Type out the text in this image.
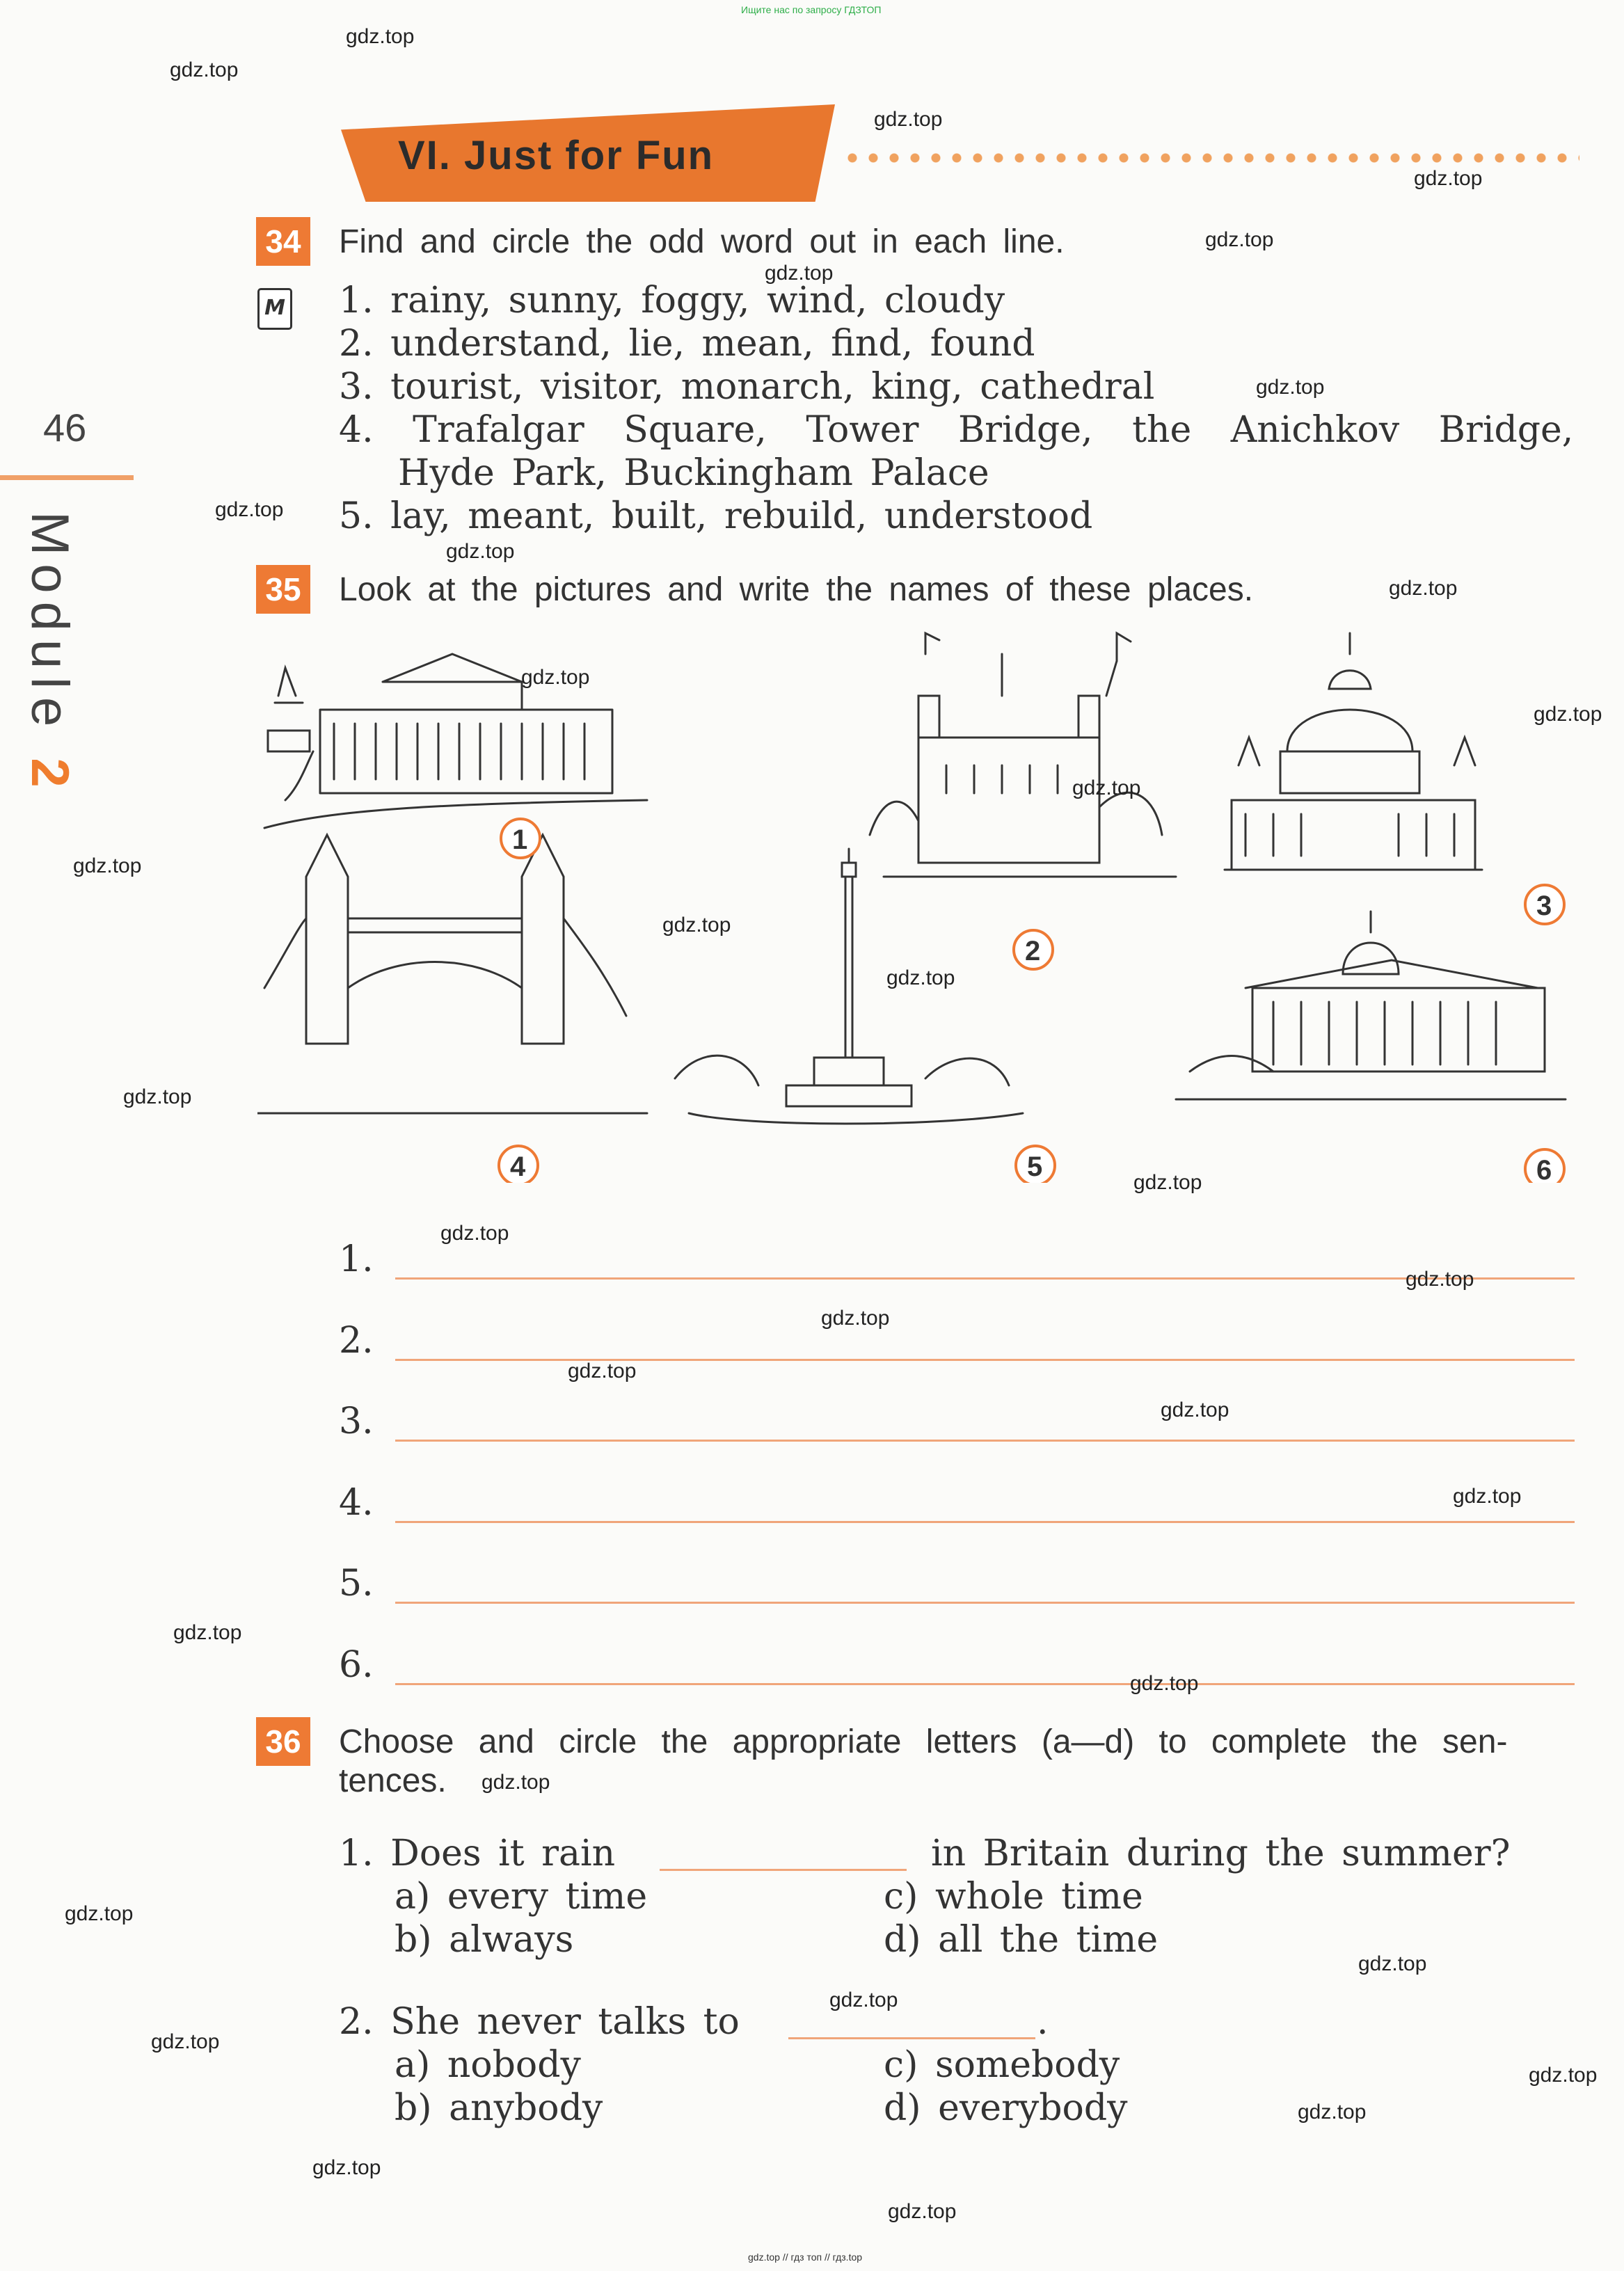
Ищите нас по запросу ГДЗТОП
46
Module 2
VI. Just for Fun
34 Find and circle the odd word out in each line.
M 1. rainy, sunny, foggy, wind, cloudy
2. understand, lie, mean, find, found
3. tourist, visitor, monarch, king, cathedral
4. Trafalgar Square, Tower Bridge, the Anichkov Bridge,
Hyde Park, Buckingham Palace
5. lay, meant, built, rebuild, understood
35 Look at the pictures and write the names of these places.
1
2
3
4	5	6
1.
2.
3.
4.
5.
6.
36 Choose and circle the appropriate letters (a—d) to complete the sen-
tences.
1. Does it rain	in Britain during the summer?
a) every time	c) whole time
b) always	d) all the time
2. She never talks to	.
a) nobody	c) somebody
b) anybody	d) everybody
gdz.top
gdz.top
gdz.top
gdz.top
gdz.top
gdz.top
gdz.top
gdz.top
gdz.top
gdz.top
gdz.top
gdz.top
gdz.top
gdz.top
gdz.top
gdz.top
gdz.top
gdz.top
gdz.top
gdz.top
gdz.top
gdz.top
gdz.top
gdz.top
gdz.top
gdz.top
gdz.top
gdz.top
gdz.top
gdz.top
gdz.top
gdz.top
gdz.top
gdz.top
gdz.top
gdz.top // гдз топ // гдз.top
